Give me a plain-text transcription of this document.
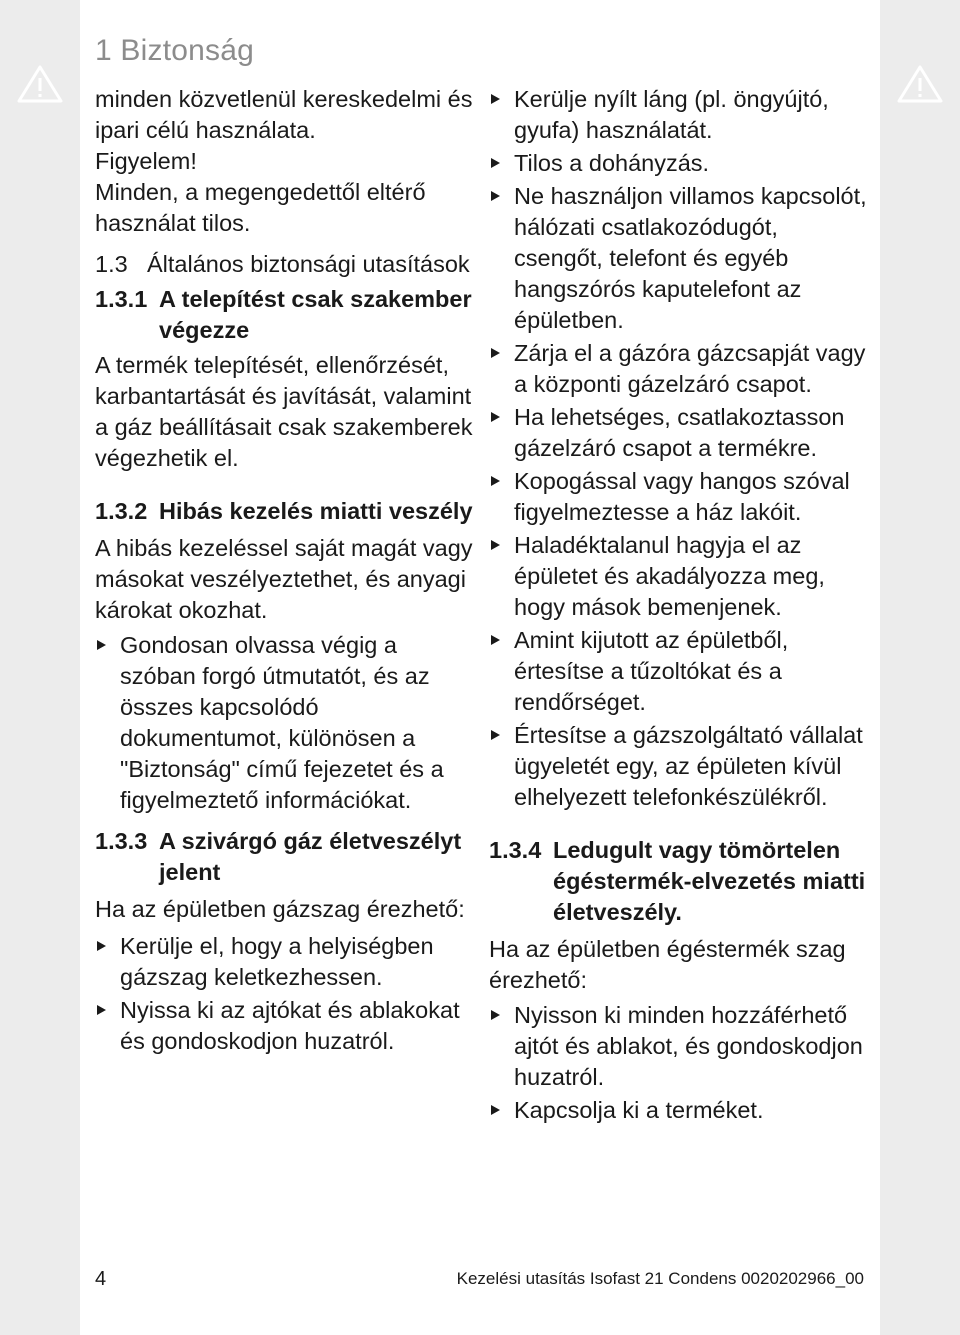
1 Biztonság

minden közvetlenül kereskedelmi és ipari célú használata.

Figyelem!

Minden, a megengedettől eltérő használat tilos.

1.3 Általános biztonsági utasítások
1.3.1 A telepítést csak szakember végezze

A termék telepítését, ellenőrzését, karbantartását és javítását, valamint a gáz beállításait csak szakemberek végezhetik el.

1.3.2 Hibás kezelés miatti veszély

A hibás kezeléssel saját magát vagy másokat veszélyeztethet, és anyagi károkat okozhat.

Gondosan olvassa végig a szóban forgó útmutatót, és az összes kapcsolódó dokumentumot, különösen a "Biztonság" című fejezetet és a figyelmeztető információkat.
1.3.3 A szivárgó gáz életveszélyt jelent

Ha az épületben gázszag érezhető:

Kerülje el, hogy a helyiségben gázszag keletkezhessen.
Nyissa ki az ajtókat és ablakokat és gondoskodjon huzatról.
Kerülje nyílt láng (pl. öngyújtó, gyufa) használatát.
Tilos a dohányzás.
Ne használjon villamos kapcsolót, hálózati csatlakozódugót, csengőt, telefont és egyéb hangszórós kaputelefont az épületben.
Zárja el a gázóra gázcsapját vagy a központi gázelzáró csapot.
Ha lehetséges, csatlakoztasson gázelzáró csapot a termékre.
Kopogással vagy hangos szóval figyelmeztesse a ház lakóit.
Haladéktalanul hagyja el az épületet és akadályozza meg, hogy mások bemenjenek.
Amint kijutott az épületből, értesítse a tűzoltókat és a rendőrséget.
Értesítse a gázszolgáltató vállalat ügyeletét egy, az épületen kívül elhelyezett telefonkészülékről.
1.3.4 Ledugult vagy tömörtelen égéstermék-elvezetés miatti életveszély.

Ha az épületben égéstermék szag érezhető:

Nyisson ki minden hozzáférhető ajtót és ablakot, és gondoskodjon huzatról.
Kapcsolja ki a terméket.
4	Kezelési utasítás Isofast 21 Condens 0020202966_00
